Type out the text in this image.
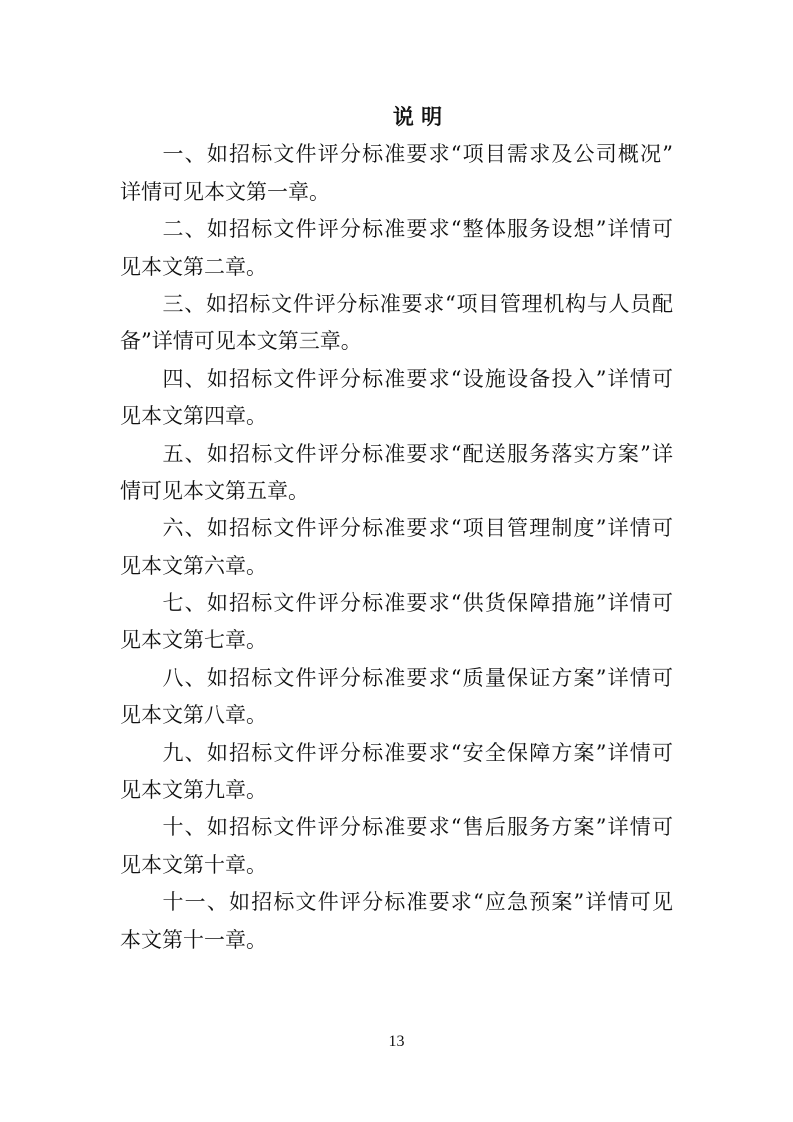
说 明

一、如招标文件评分标准要求“项目需求及公司概况”
详情可见本文第一章。

二、如招标文件评分标准要求“整体服务设想”详情可
见本文第二章。

三、如招标文件评分标准要求“项目管理机构与人员配
备”详情可见本文第三章。

四、如招标文件评分标准要求“设施设备投入”详情可
见本文第四章。

五、如招标文件评分标准要求“配送服务落实方案”详
情可见本文第五章。

六、如招标文件评分标准要求“项目管理制度”详情可
见本文第六章。

七、如招标文件评分标准要求“供货保障措施”详情可
见本文第七章。

八、如招标文件评分标准要求“质量保证方案”详情可
见本文第八章。

九、如招标文件评分标准要求“安全保障方案”详情可
见本文第九章。

十、如招标文件评分标准要求“售后服务方案”详情可
见本文第十章。

十一、如招标文件评分标准要求“应急预案”详情可见
本文第十一章。

13
